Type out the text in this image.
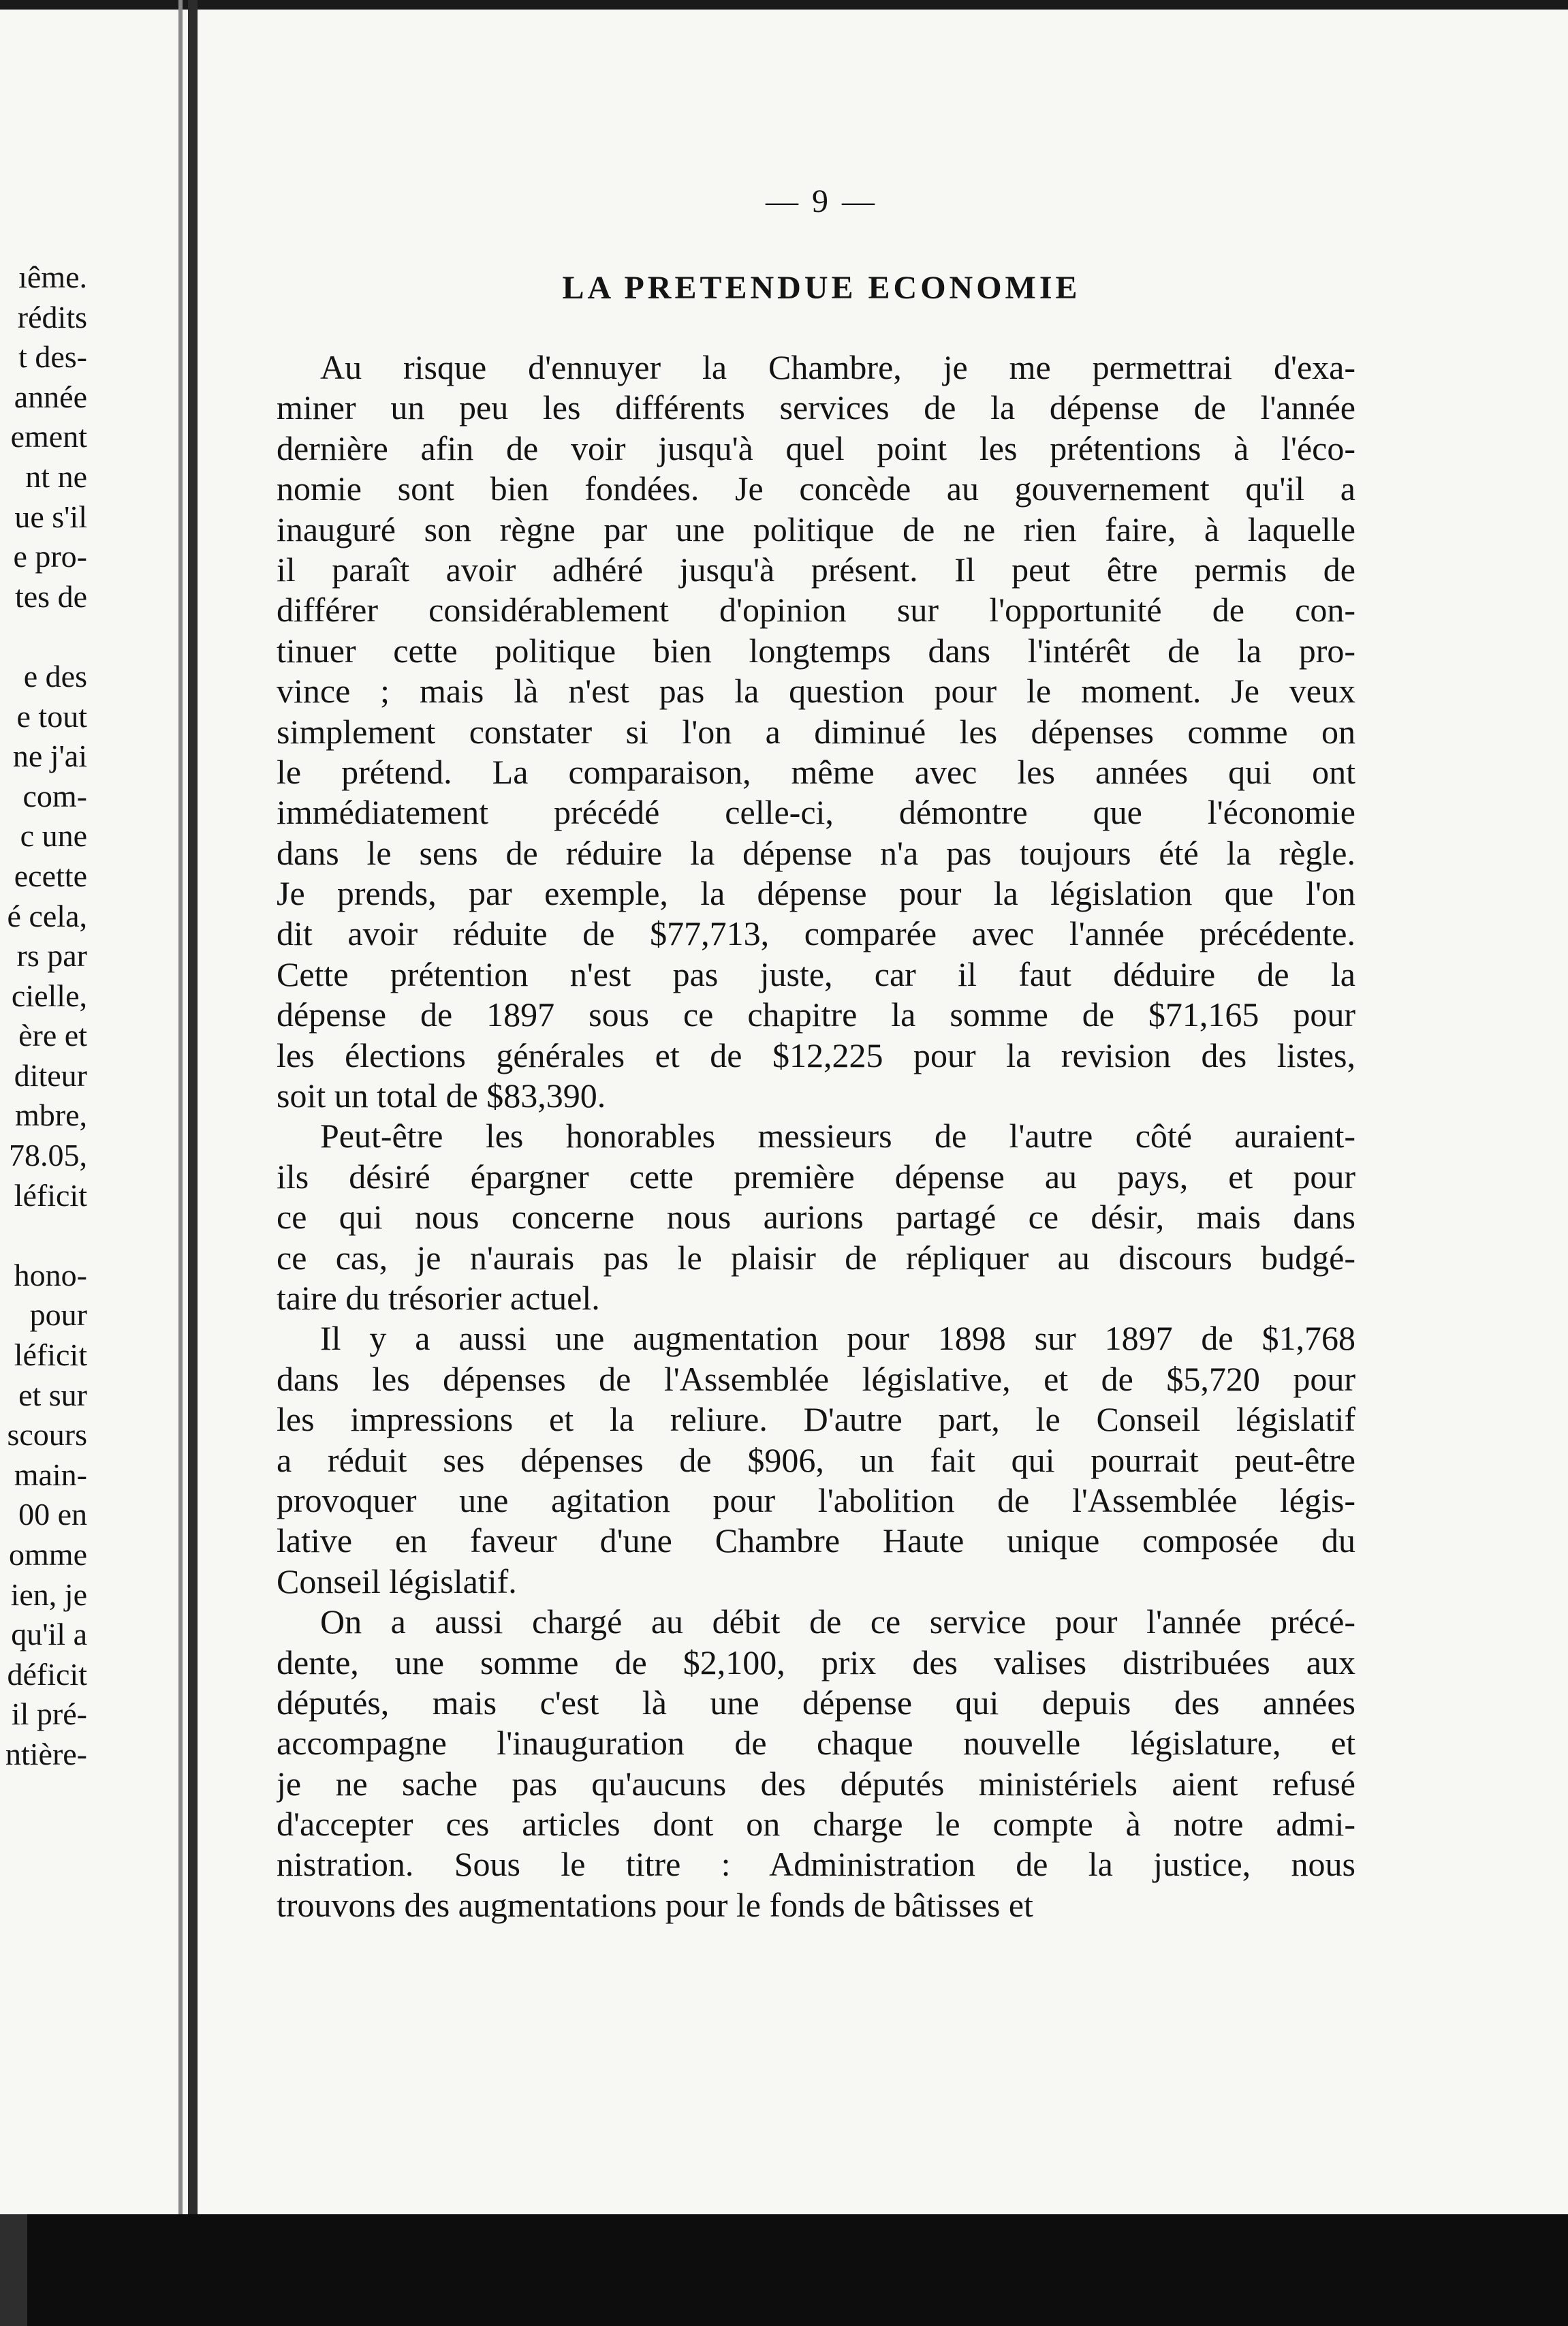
ıême.
rédits
t des-
année
ement
nt ne
ue s'il
e pro-
tes de
e des
e tout
ne j'ai
com-
c une
ecette
é cela,
rs par
cielle,
ère et
diteur
mbre,
78.05,
léficit
hono-
pour
léficit
et sur
scours
main-
00 en
omme
ien, je
qu'il a
déficit
il pré-
ntière-
— 9 —
LA PRETENDUE ECONOMIE

Au risque d'ennuyer la Chambre, je me permettrai d'exa-
miner un peu les différents services de la dépense de l'année
dernière afin de voir jusqu'à quel point les prétentions à l'éco-
nomie sont bien fondées. Je concède au gouvernement qu'il a
inauguré son règne par une politique de ne rien faire, à laquelle
il paraît avoir adhéré jusqu'à présent. Il peut être permis de
différer considérablement d'opinion sur l'opportunité de con-
tinuer cette politique bien longtemps dans l'intérêt de la pro-
vince ; mais là n'est pas la question pour le moment. Je veux
simplement constater si l'on a diminué les dépenses comme on
le prétend. La comparaison, même avec les années qui ont
immédiatement précédé celle-ci, démontre que l'économie
dans le sens de réduire la dépense n'a pas toujours été la règle.
Je prends, par exemple, la dépense pour la législation que l'on
dit avoir réduite de $77,713, comparée avec l'année précédente.
Cette prétention n'est pas juste, car il faut déduire de la
dépense de 1897 sous ce chapitre la somme de $71,165 pour
les élections générales et de $12,225 pour la revision des listes,
soit un total de $83,390.

Peut-être les honorables messieurs de l'autre côté auraient-
ils désiré épargner cette première dépense au pays, et pour
ce qui nous concerne nous aurions partagé ce désir, mais dans
ce cas, je n'aurais pas le plaisir de répliquer au discours budgé-
taire du trésorier actuel.

Il y a aussi une augmentation pour 1898 sur 1897 de $1,768
dans les dépenses de l'Assemblée législative, et de $5,720 pour
les impressions et la reliure. D'autre part, le Conseil législatif
a réduit ses dépenses de $906, un fait qui pourrait peut-être
provoquer une agitation pour l'abolition de l'Assemblée légis-
lative en faveur d'une Chambre Haute unique composée du
Conseil législatif.

On a aussi chargé au débit de ce service pour l'année précé-
dente, une somme de $2,100, prix des valises distribuées aux
députés, mais c'est là une dépense qui depuis des années
accompagne l'inauguration de chaque nouvelle législature, et
je ne sache pas qu'aucuns des députés ministériels aient refusé
d'accepter ces articles dont on charge le compte à notre admi-
nistration. Sous le titre : Administration de la justice, nous
trouvons des augmentations pour le fonds de bâtisses et
